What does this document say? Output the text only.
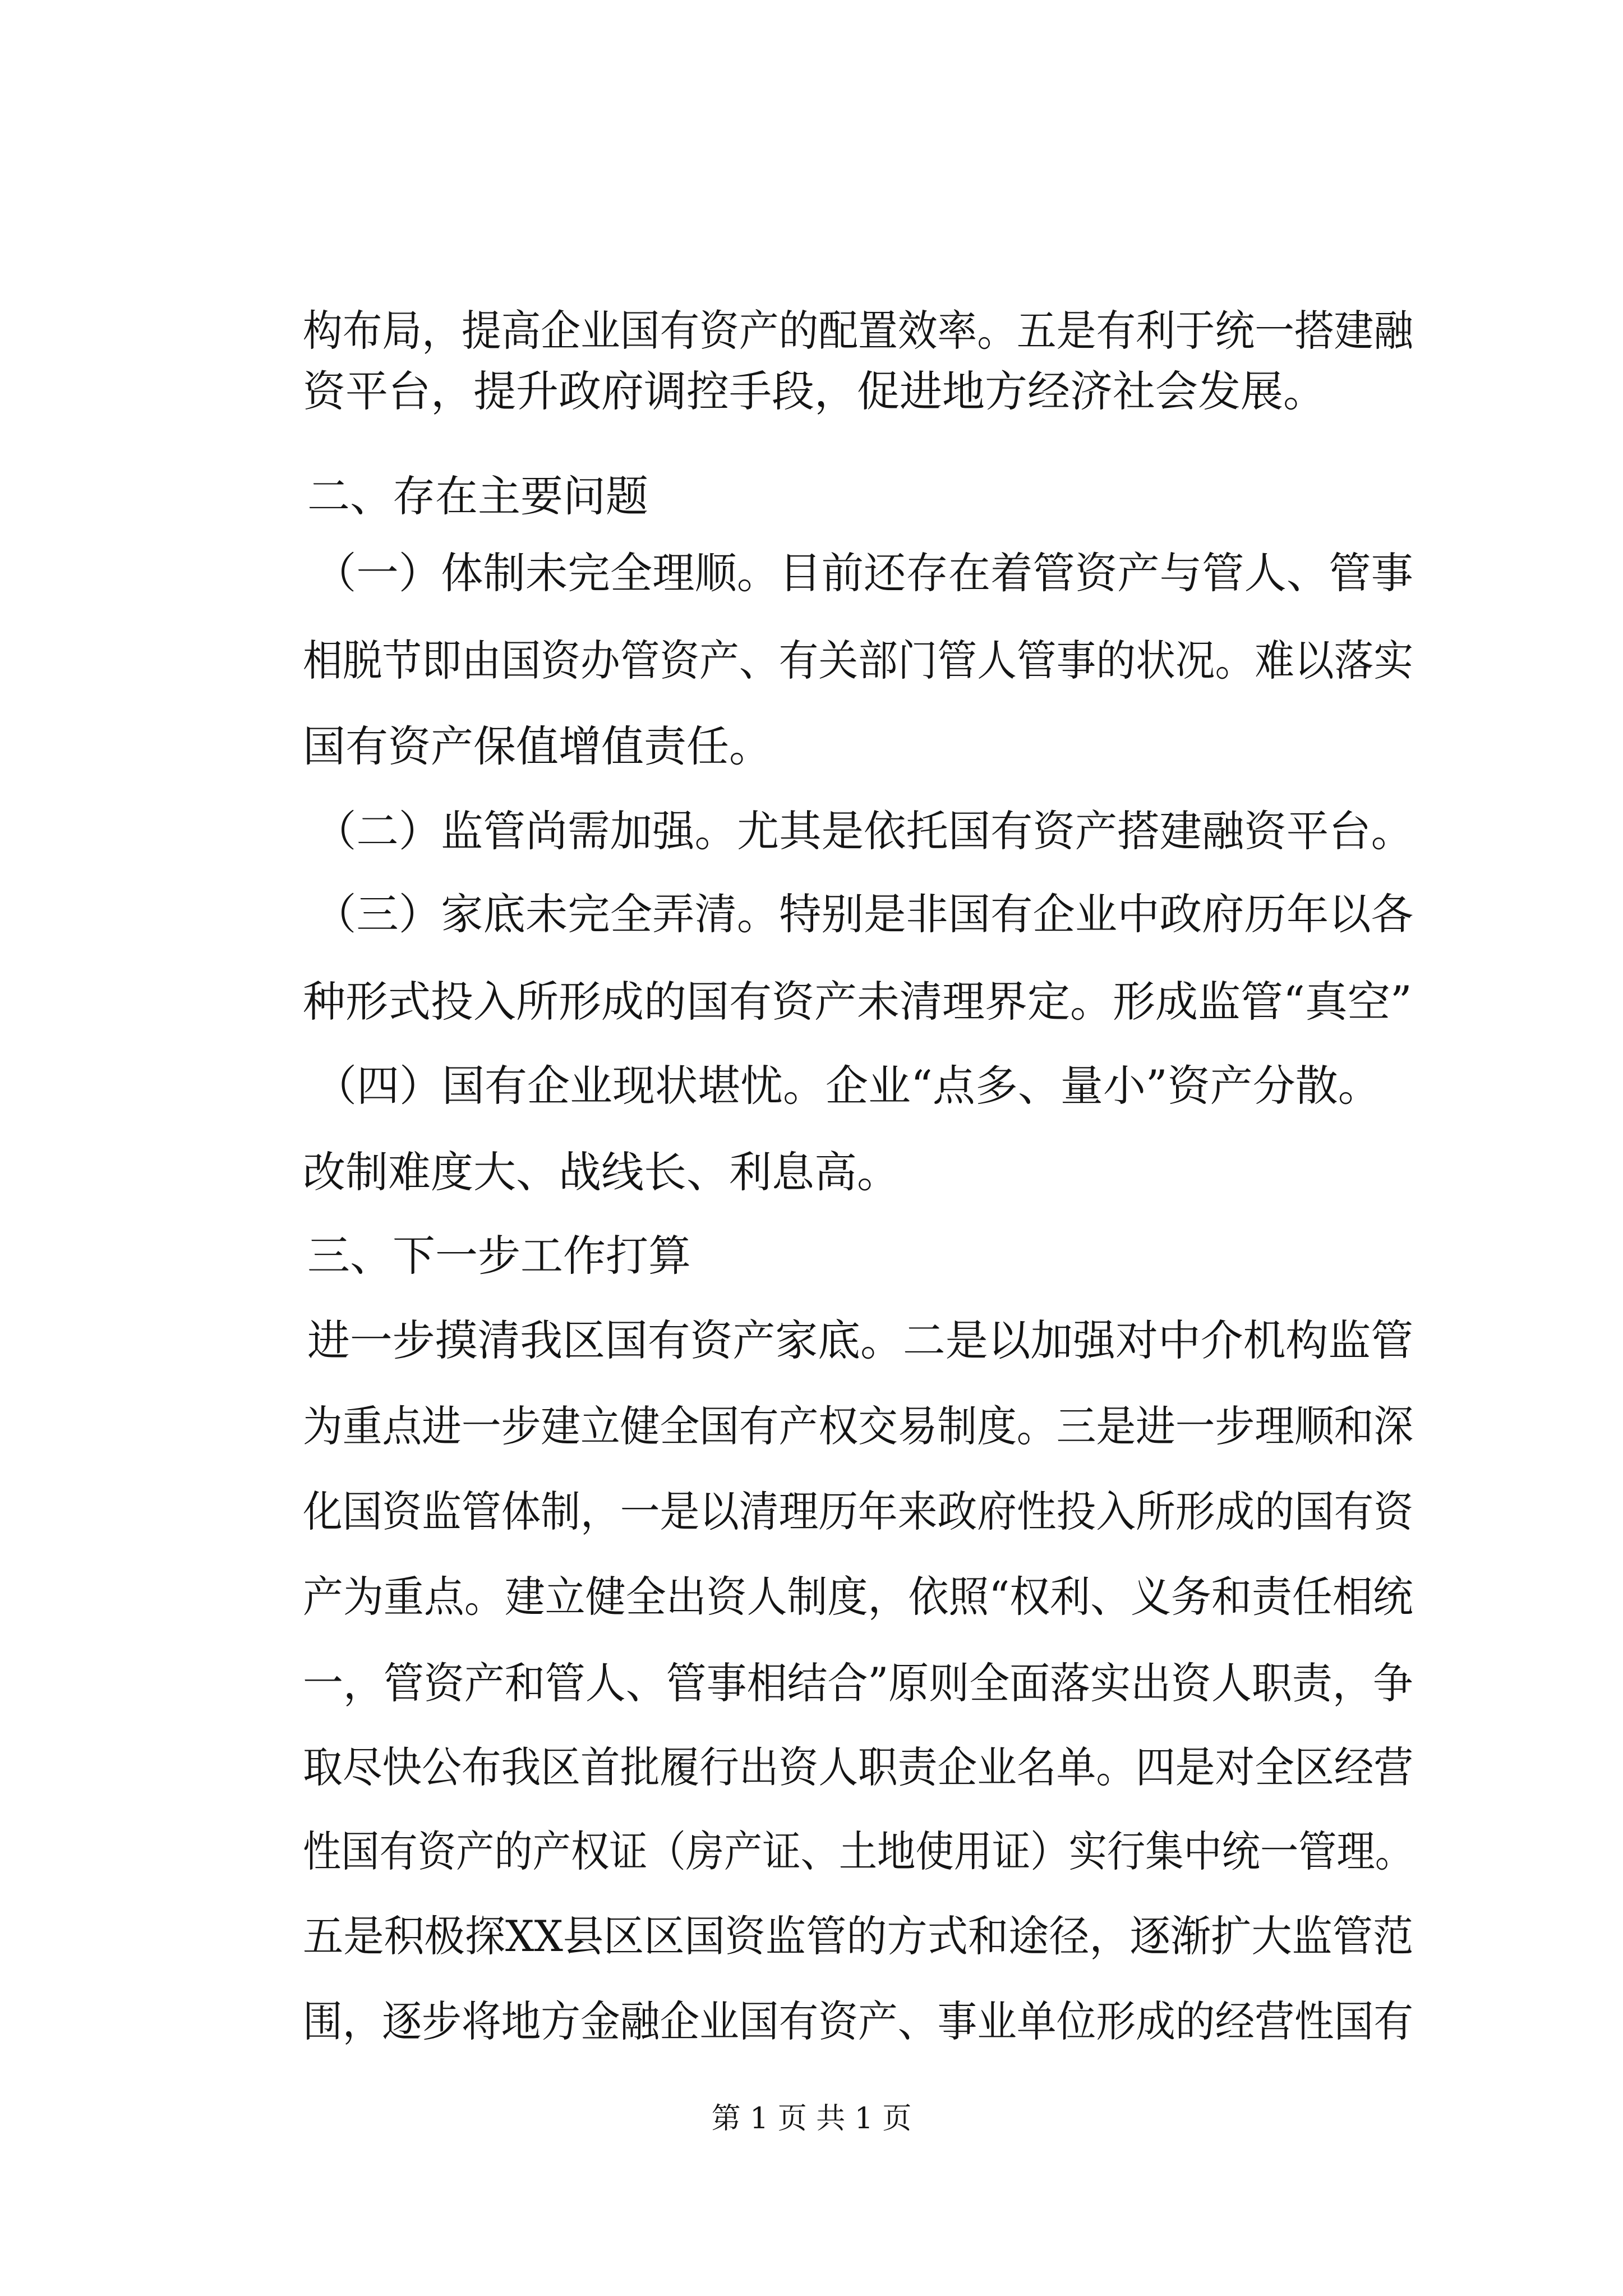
构布局，提高企业国有资产的配置效率。五是有利于统一搭建融
资平台，提升政府调控手段，促进地方经济社会发展。
二、存在主要问题
（一）体制未完全理顺。目前还存在着管资产与管人、管事
相脱节即由国资办管资产、有关部门管人管事的状况。难以落实
国有资产保值增值责任。
（二）监管尚需加强。尤其是依托国有资产搭建融资平台。
（三）家底未完全弄清。特别是非国有企业中政府历年以各
种形式投入所形成的国有资产未清理界定。形成监管“真空”
（四）国有企业现状堪忧。企业“点多、量小”资产分散。
改制难度大、战线长、利息高。
三、下一步工作打算
进一步摸清我区国有资产家底。二是以加强对中介机构监管
为重点进一步建立健全国有产权交易制度。三是进一步理顺和深
化国资监管体制，一是以清理历年来政府性投入所形成的国有资
产为重点。建立健全出资人制度，依照“权利、义务和责任相统
一，管资产和管人、管事相结合”原则全面落实出资人职责，争
取尽快公布我区首批履行出资人职责企业名单。四是对全区经营
性国有资产的产权证（房产证、土地使用证）实行集中统一管理。
五是积极探XX县区区国资监管的方式和途径，逐渐扩大监管范
围，逐步将地方金融企业国有资产、事业单位形成的经营性国有
第 1 页 共 1 页
